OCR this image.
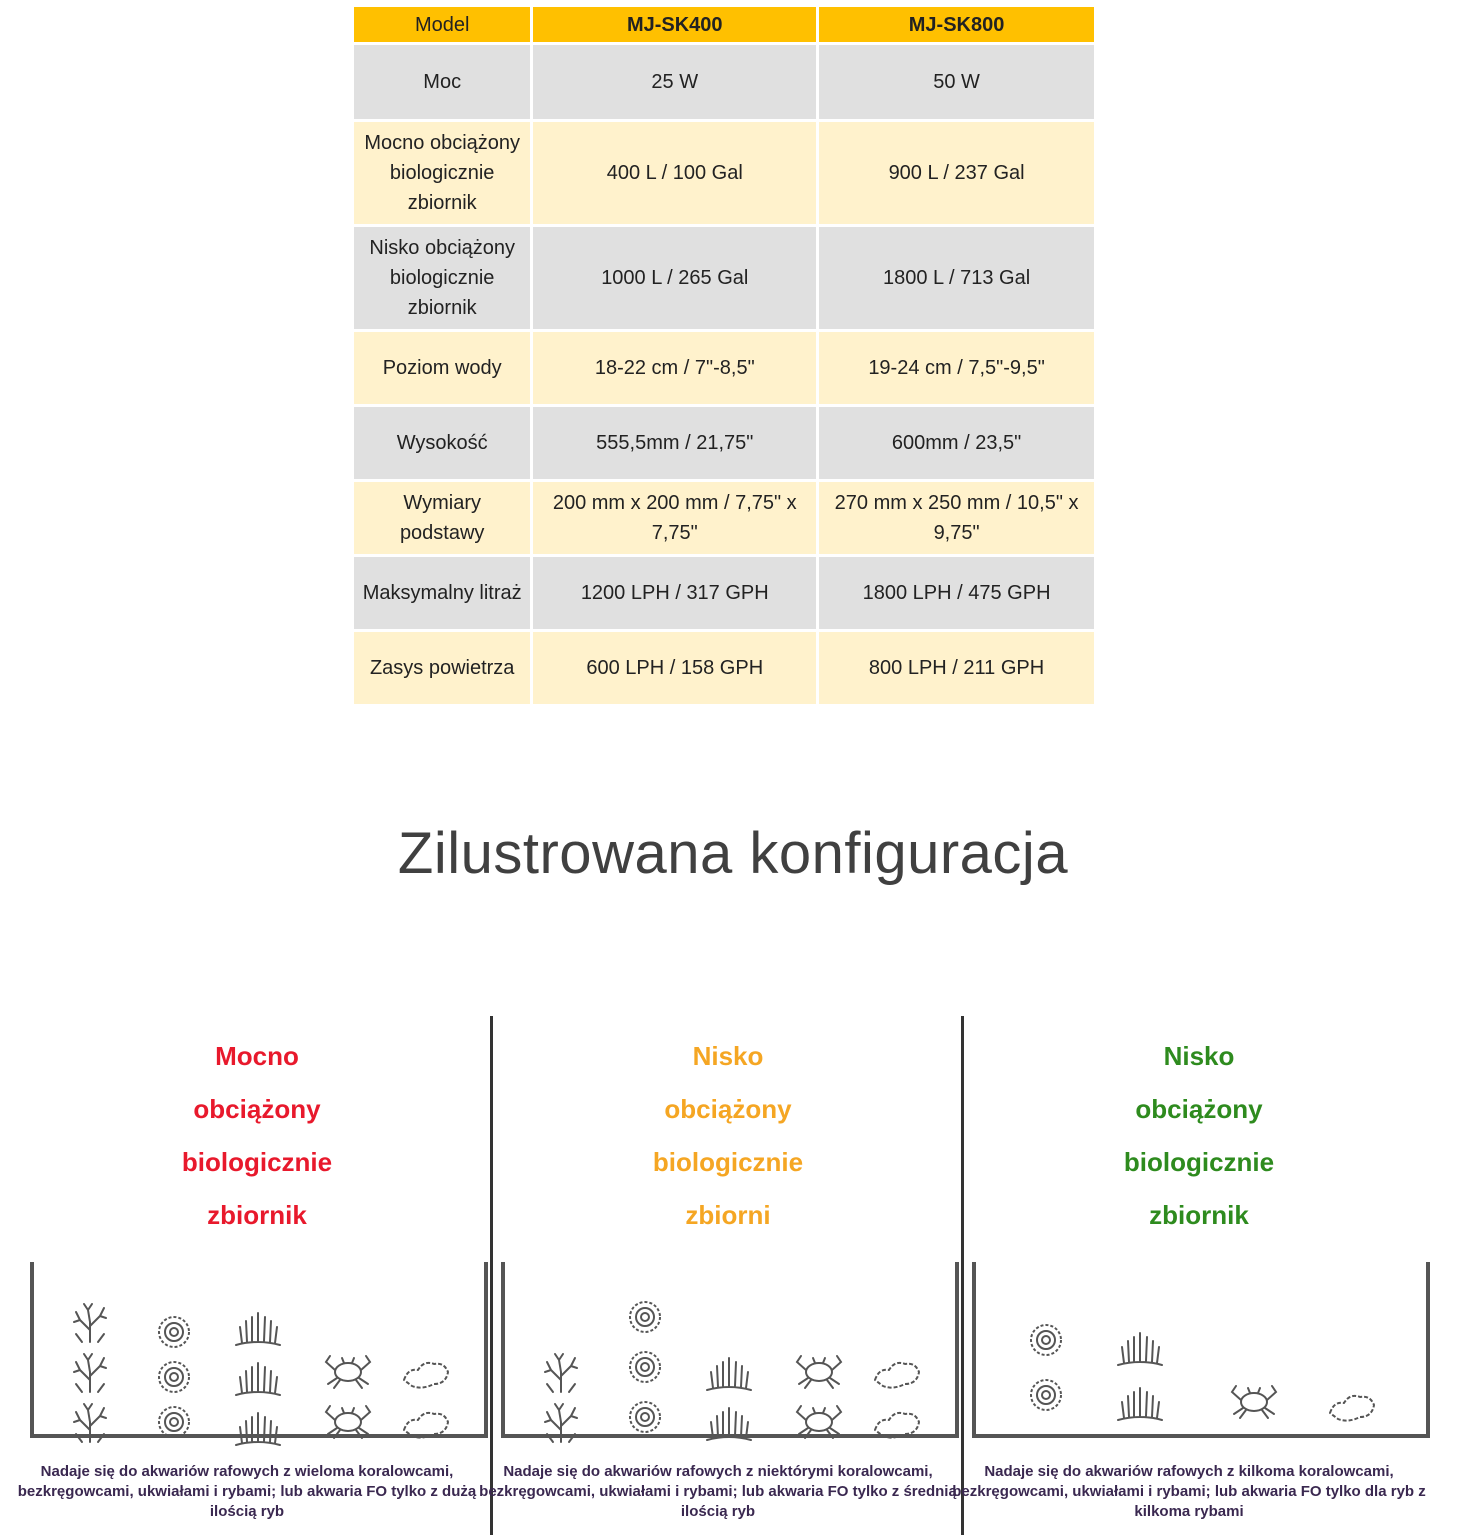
Model	MJ-SK400	MJ-SK800
Moc	25 W	50 W
Mocno obciążony biologicznie zbiornik	400 L / 100 Gal	900 L / 237 Gal
Nisko obciążony biologicznie zbiornik	1000 L / 265 Gal	1800 L / 713 Gal
Poziom wody	18-22 cm / 7"-8,5"	19-24 cm / 7,5"-9,5"
Wysokość	555,5mm / 21,75"	600mm / 23,5"
Wymiary podstawy	200 mm x 200 mm / 7,75" x 7,75"	270 mm x 250 mm / 10,5" x 9,75"
Maksymalny litraż	1200 LPH / 317 GPH	1800 LPH / 475 GPH
Zasys powietrza	600 LPH / 158 GPH	800 LPH / 211 GPH
Zilustrowana konfiguracja
Mocno
obciążony
biologicznie
zbiornik
Nadaje się do akwariów rafowych z wieloma koralowcami,
bezkręgowcami, ukwiałami i rybami; lub akwaria FO tylko z dużą
ilością ryb
Nisko
obciążony
biologicznie
zbiorni
Nadaje się do akwariów rafowych z niektórymi koralowcami,
bezkręgowcami, ukwiałami i rybami; lub akwaria FO tylko z średnią
ilością ryb
Nisko
obciążony
biologicznie
zbiornik
Nadaje się do akwariów rafowych z kilkoma koralowcami,
bezkręgowcami, ukwiałami i rybami; lub akwaria FO tylko dla ryb z
kilkoma rybami
